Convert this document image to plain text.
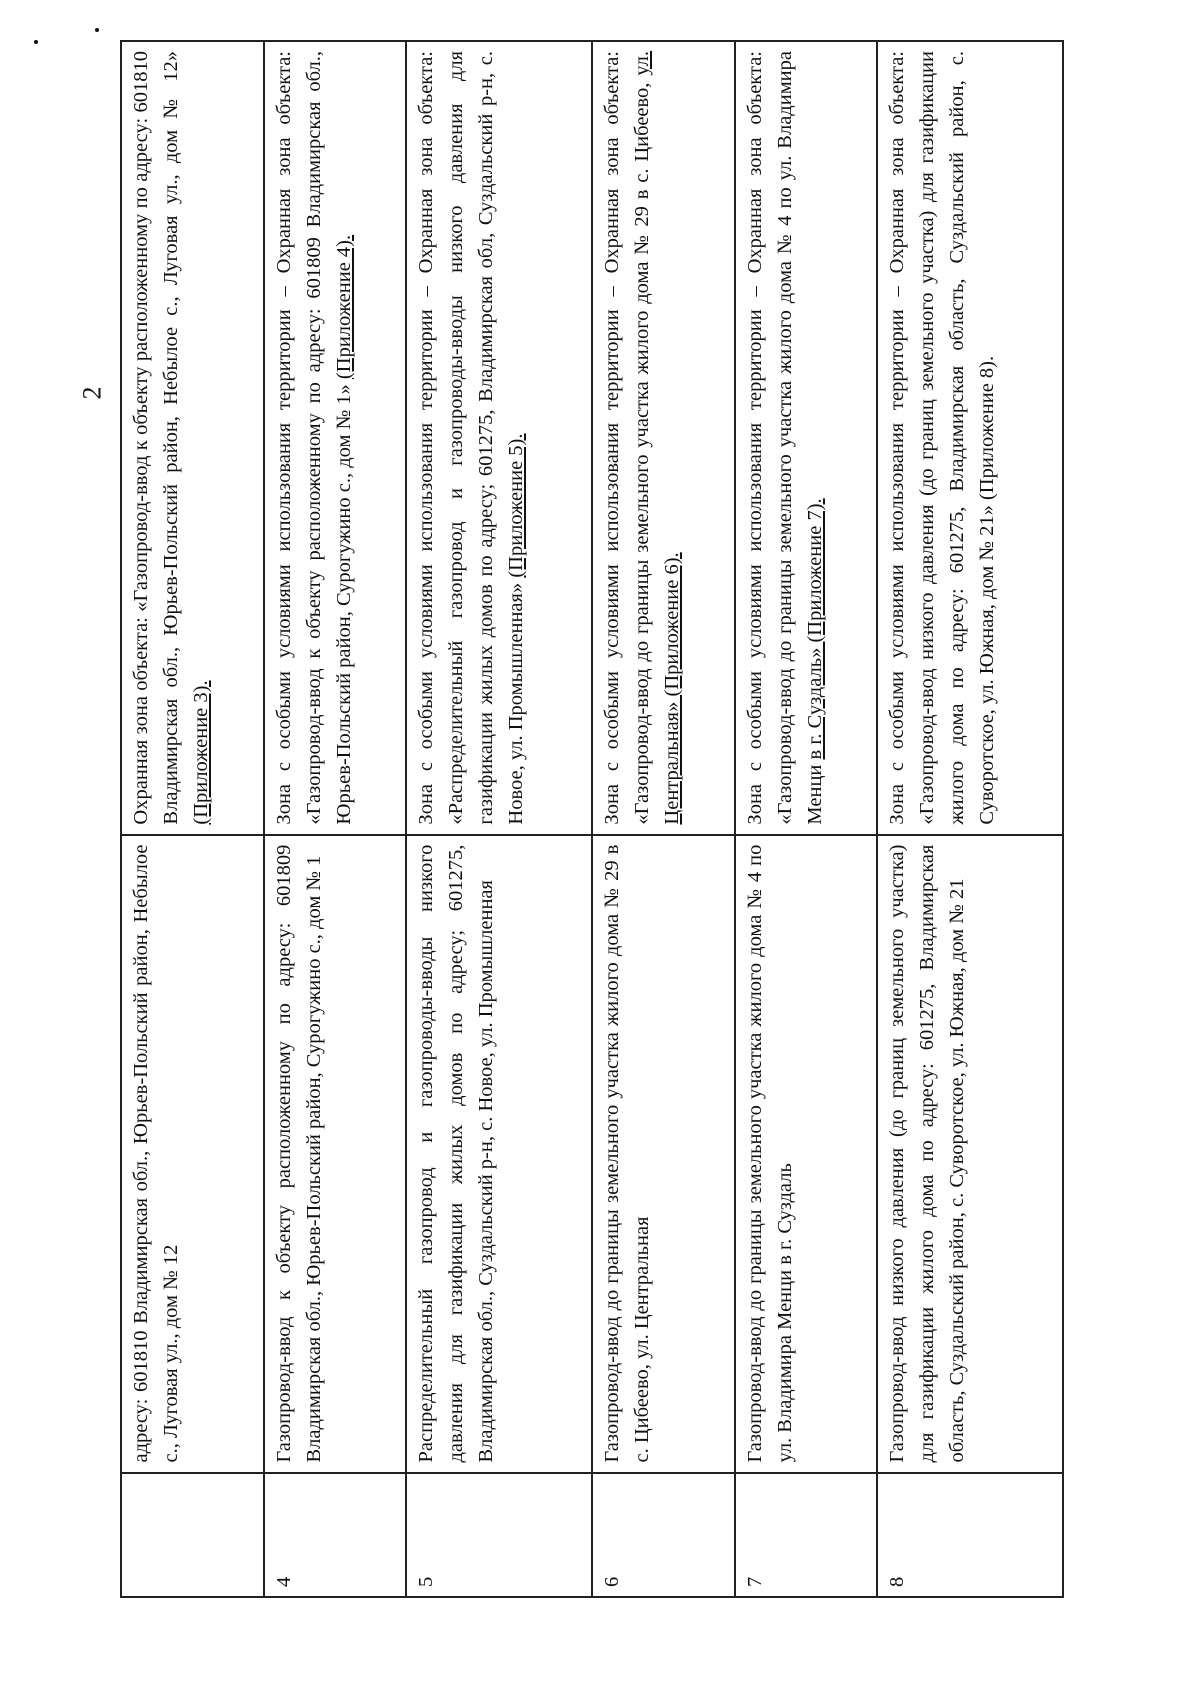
2
	адресу: 601810 Владимирская обл., Юрьев-Польский район, Небылое с., Луговая ул., дом № 12	Охранная зона объекта: «Газопровод-ввод к объекту расположенному по адресу: 601810 Владимирская обл., Юрьев-Польский район, Небылое с., Луговая ул., дом № 12» (Приложение 3).
4	Газопровод-ввод к объекту расположенному по адресу: 601809 Владимирская обл., Юрьев-Польский район, Сурогужино с., дом № 1	Зона с особыми условиями использования территории – Охранная зона объекта: «Газопровод-ввод к объекту расположенному по адресу: 601809 Владимирская обл., Юрьев-Польский район, Сурогужино с., дом № 1» (Приложение 4).
5	Распределительный газопровод и газопроводы-вводы низкого давления для газификации жилых домов по адресу; 601275, Владимирская обл., Суздальский р-н, с. Новое, ул. Промышленная	Зона с особыми условиями использования территории – Охранная зона объекта: «Распределительный газопровод и газопроводы-вводы низкого давления для газификации жилых домов по адресу; 601275, Владимирская обл, Суздальский р-н, с. Новое, ул. Промышленная» (Приложение 5).
6	Газопровод-ввод до границы земельного участка жилого дома № 29 в с. Цибеево, ул. Центральная	Зона с особыми условиями использования территории – Охранная зона объекта: «Газопровод-ввод до границы земельного участка жилого дома № 29 в с. Цибеево, ул. Центральная» (Приложение 6).
7	Газопровод-ввод до границы земельного участка жилого дома № 4 по ул. Владимира Менци в г. Суздаль	Зона с особыми условиями использования территории – Охранная зона объекта: «Газопровод-ввод до границы земельного участка жилого дома № 4 по ул. Владимира Менци в г. Суздаль» (Приложение 7).
8	Газопровод-ввод низкого давления (до границ земельного участка) для газификации жилого дома по адресу: 601275, Владимирская область, Суздальский район, с. Суворотское, ул. Южная, дом № 21	Зона с особыми условиями использования территории – Охранная зона объекта: «Газопровод-ввод низкого давления (до границ земельного участка) для газификации жилого дома по адресу: 601275, Владимирская область, Суздальский район, с. Суворотское, ул. Южная, дом № 21» (Приложение 8).
